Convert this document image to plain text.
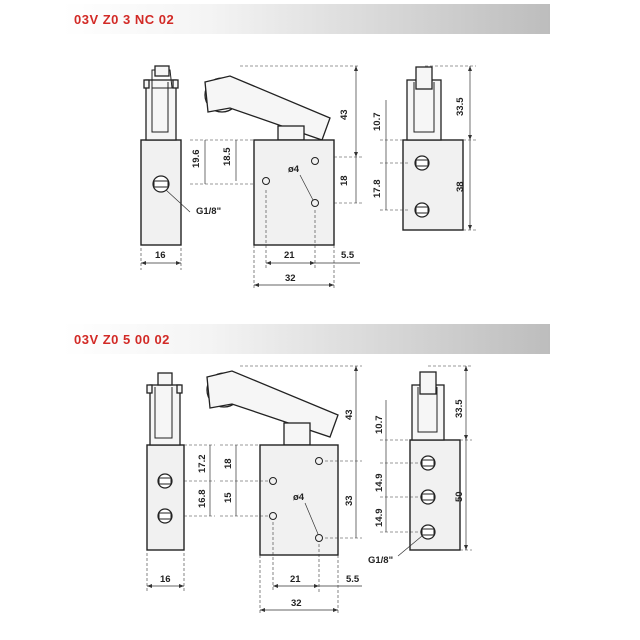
03V Z0 3 NC 02
03V Z0 5 00 02
16
G1/8"
ø4
43
18
19.6 18.5
21	5.5
32
33.5
38
10.7
17.8
16
17.2
16.8	ø4
18
15
43
33
21	5.5
32
33.5
50
10.7
14.9
14.9
G1/8"
